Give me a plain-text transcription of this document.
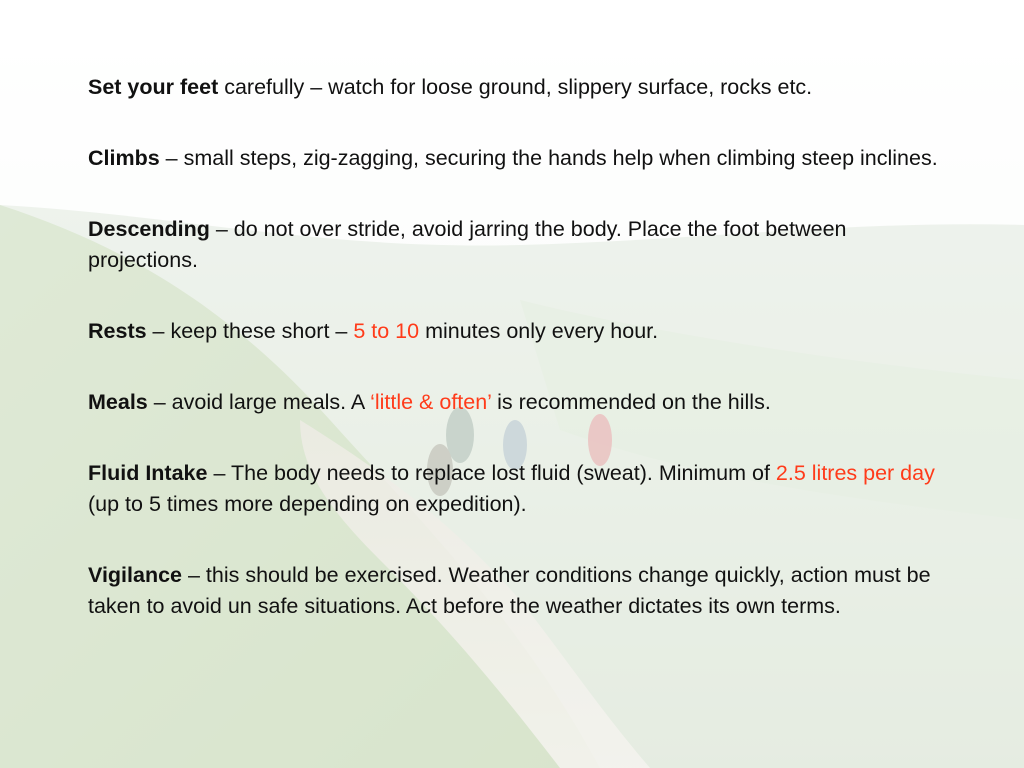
Set your feet carefully – watch for loose ground, slippery surface, rocks etc.

Climbs – small steps, zig-zagging, securing the hands help when climbing steep inclines.

Descending – do not over stride, avoid jarring the body. Place the foot between projections.

Rests – keep these short – 5 to 10 minutes only every hour.

Meals – avoid large meals. A ‘little & often’ is recommended on the hills.

Fluid Intake – The body needs to replace lost fluid (sweat). Minimum of 2.5 litres per day (up to 5 times more depending on expedition).

Vigilance – this should be exercised. Weather conditions change quickly, action must be taken to avoid un safe situations. Act before the weather dictates its own terms.
